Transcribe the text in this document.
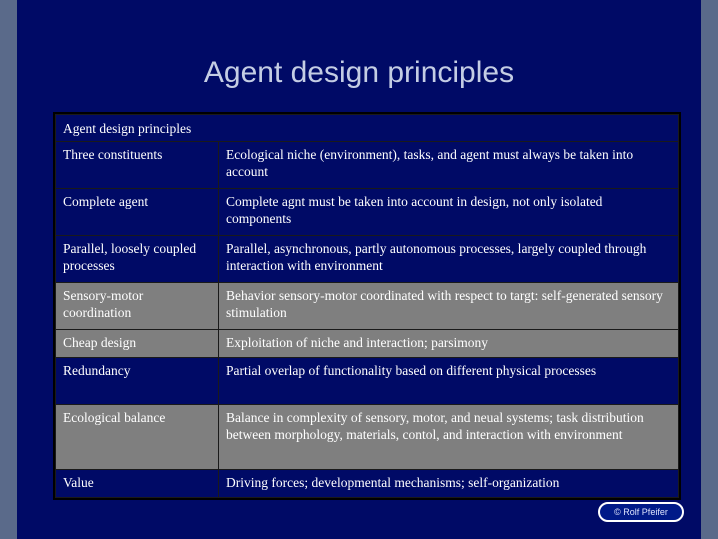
Agent design principles
Agent design principles	
Three constituents	Ecological niche (environment), tasks, and agent must always be taken into account
Complete agent	Complete agnt must be taken into account in design, not only isolated components
Parallel, loosely coupled processes	Parallel, asynchronous, partly autonomous processes, largely coupled through interaction with environment
Sensory-motor coordination	Behavior sensory-motor coordinated with respect to targt: self-generated sensory stimulation
Cheap design	Exploitation of niche and interaction; parsimony
Redundancy	Partial overlap of functionality based on different physical processes
Ecological balance	Balance in complexity of sensory, motor, and neual systems; task distribution between morphology, materials, contol, and interaction with environment
Value	Driving forces; developmental mechanisms; self-organization
© Rolf Pfeifer
